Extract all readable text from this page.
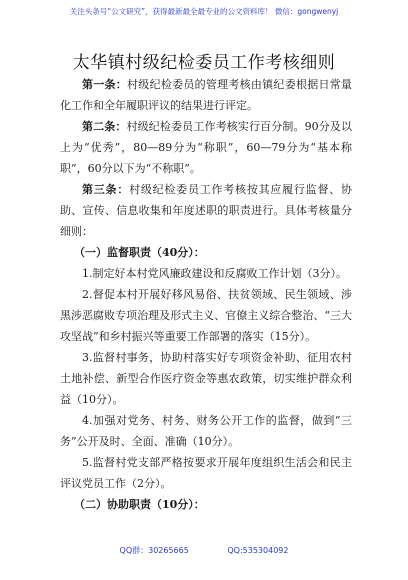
关注头条号“公文研究”，获得最新最全最专业的公文资料库！ 微信：gongwenyj
太华镇村级纪检委员工作考核细则

第一条：村级纪检委员的管理考核由镇纪委根据日常量化工作和全年履职评议的结果进行评定。

第二条：村级纪检委员工作考核实行百分制。90分及以上为“优秀”，80—89分为“称职”，60—79分为“基本称职”，60分以下为“不称职”。

第三条：村级纪检委员工作考核按其应履行监督、协助、宣传、信息收集和年度述职的职责进行。具体考核量分细则：

（一）监督职责（40分）：

1.制定好本村党风廉政建设和反腐败工作计划（3分）。

2.督促本村开展好移风易俗、扶贫领域、民生领域、涉黑涉恶腐败专项治理及形式主义、官僚主义综合整治、“三大攻坚战”和乡村振兴等重要工作部署的落实（15分）。

3.监督村事务，协助村落实好专项资金补助、征用农村土地补偿、新型合作医疗资金等惠农政策，切实维护群众利益（10分）。

4.加强对党务、村务、财务公开工作的监督，做到“三务”公开及时、全面、准确（10分）。

5.监督村党支部严格按要求开展年度组织生活会和民主评议党员工作（2分）。

（二）协助职责（10分）：

QQ群：30265665	QQ:535304092
